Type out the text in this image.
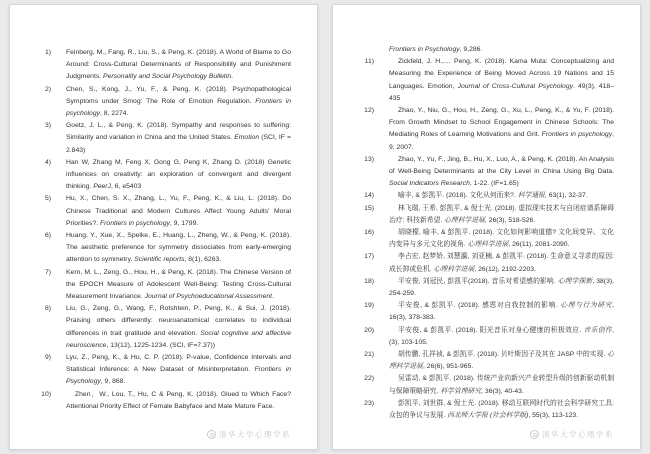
1) Feinberg, M., Fang, R., Liu, S., & Peng, K. (2018). A World of Blame to Go Around: Cross-Cultural Determinants of Responsibility and Punishment Judgments. Personality and Social Psychology Bulletin.
2) Chen, S., Kong, J., Yu, F., & Peng, K. (2018). Psychopathological Symptoms under Smog: The Role of Emotion Regulation. Frontiers in psychology, 8, 2274.
3) Goetz, J. L., & Peng, K. (2018). Sympathy and responses to suffering: Similarity and variation in China and the United States. Emotion (SCI, IF = 2.843)
4) Han W, Zhang M, Feng X, Gong G, Peng K, Zhang D. (2018) Genetic influences on creativity: an exploration of convergent and divergent thinking. PeerJ, 6, e5403
5) Hu, X., Chen, S. X., Zhang, L., Yu, F., Peng, K., & Liu, L. (2018). Do Chinese Traditional and Modern Cultures Affect Young Adults' Moral Priorities?. Frontiers in psychology, 9, 1799.
6) Huang, Y., Xue, X., Spelke, E., Huang, L., Zheng, W., & Peng, K. (2018). The aesthetic preference for symmetry dissociates from early-emerging attention to symmetry. Scientific reports, 8(1), 6263.
7) Kern, M. L., Zeng, G., Hou, H., & Peng, K. (2018). The Chinese Version of the EPOCH Measure of Adolescent Well-Being: Testing Cross-Cultural Measurement Invariance. Journal of Psychoeducational Assessment.
8) Liu, G., Zeng, G., Wang, F., Rotshtein, P., Peng, K., & Sui, J. (2018). Praising others differently: neuroanatomical correlates to individual differences in trait gratitude and elevation. Social cognitive and affective neuroscience, 13(12), 1225-1234. (SCI, IF=7.37))
9) Lyu, Z., Peng, K., & Hu, C. P. (2018). P-value, Confidence Intervals and Statistical Inference: A New Dataset of Misinterpretation. Frontiers in Psychology, 9, 868.
10)	Zhen，W., Lou, T., Hu, C & Peng, K. (2018). Glued to Which Face? Attentional Priority Effect of Female Babyface and Male Mature Face.
清华大学心理学系
Frontiers in Psychology, 9,286.
11)	Zickfeld, J. H.,… Peng, K. (2018). Kama Muta: Conceptualizing and Measuring the Experience of Being Moved Across 19 Nations and 15 Languages. Emotion, Journal of Cross-Cultural Psychology. 49(3), 418–435
12)	Zhao, Y., Niu, G., Hou, H., Zeng, G., Xu, L., Peng, K., & Yu, F. (2018). From Growth Mindset to School Engagement in Chinese Schools: The Mediating Roles of Learning Motivations and Grit. Frontiers in psychology, 9, 2007.
13)	Zhao, Y., Yu, F., Jing, B., Hu, X., Luo, A., & Peng, K. (2018). An Analysis of Well-Being Determinants at the City Level in China Using Big Data. Social Indicators Research, 1-22. (IF=1.65)
14)	喻丰, & 彭凯平. (2018). 文化从何而来?. 科学通报, 63(1), 32-37.
15)	林飞瑞, 王希, 彭凯平, & 倪士光. (2018). 虚拟现实技术与自闭症谱系障碍治疗: 科技新希望. 心理科学进展, 26(3), 518-526.
16)	胡晓檬, 喻丰, & 彭凯平. (2018). 文化如何影响道德? 文化间变异、文化内变异与多元文化的视角. 心理科学进展, 26(11), 2081-2090.
17)	李占宏, 赵梦娇, 刘慧瀛, 刘亚楠, & 彭凯平. (2018). 生命意义寻求的原因: 成长抑或危机. 心理科学进展, 26(12), 2192-2203.
18)	平安俊, 刘冠民, 彭凯平(2018). 音乐对希望感的影响. 心理学探新, 38(3), 254-259.
19)	平安俊, & 彭凯平. (2018). 感恩对自我控制的影响. 心理与行为研究, 16(3), 378-383.
20)	平安俊, & 彭凯平. (2018). 阳光音乐对身心健康的积极效应. 音乐创作, (3), 103-105.
21)	胡传鹏, 孔祥祯, & 彭凯平. (2018). 贝叶斯因子及其在 JASP 中的实现. 心理科学进展, 26(6), 951-965.
22)	吴雷动, & 彭凯平. (2018). 传统产业向新兴产业转型升级的创新驱动机制与保障策略研究. 科学管理研究, 36(3), 40-43.
23)	彭凯平, 刘世群, & 倪士光. (2018). 移动互联网时代的社会科学研究工具: 众包的争议与发展. 西北师大学报 (社会科学版), 55(3), 113-123.
清华大学心理学系
